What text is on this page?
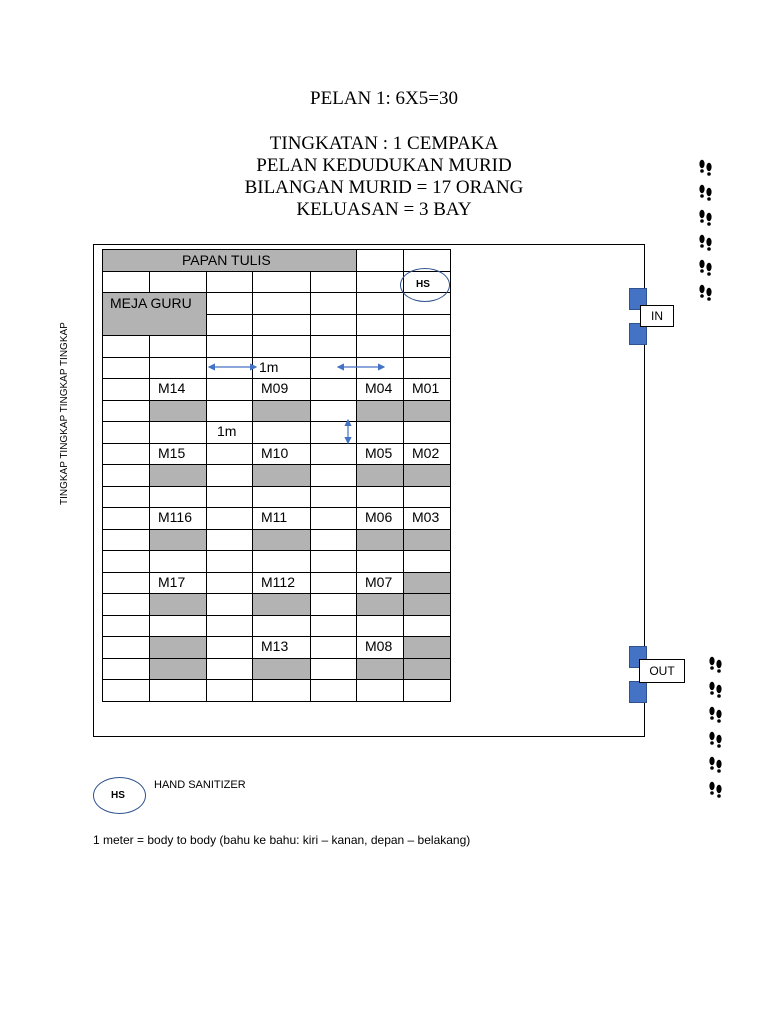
PELAN 1: 6X5=30
TINGKATAN : 1 CEMPAKA
PELAN KEDUDUKAN MURID
BILANGAN MURID = 17 ORANG
KELUASAN = 3 BAY
TINGKAP TINGKAP TINGKAP TINGKAP
PAPAN TULIS
MEJA GURU
HS
1m
1m
M14	M09	M04 M01
M15	M10	M05 M02
M116	M11	M06 M03
M17	M112	M07
M13	M08
IN
OUT
HS
HAND SANITIZER
1 meter = body to body (bahu ke bahu: kiri – kanan, depan – belakang)
